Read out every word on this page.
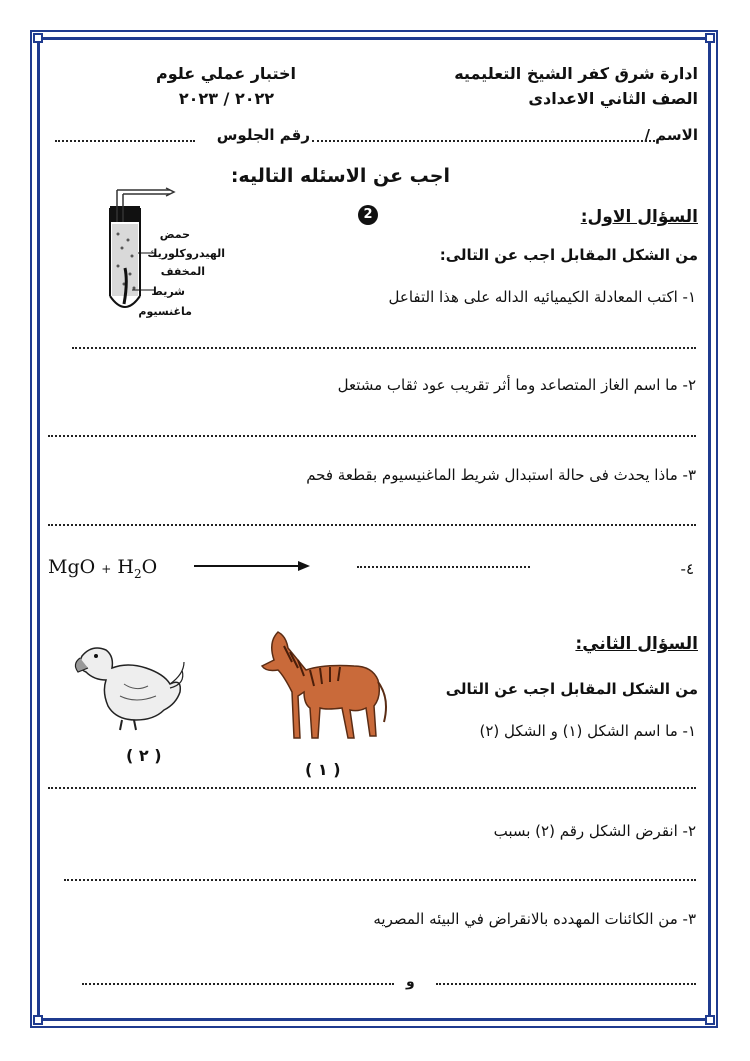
ادارة شرق كفر الشيخ التعليميه
الصف الثاني الاعدادى
اختبار عملي علوم
٢٠٢٢ / ٢٠٢٣
الاسم /
رقم الجلوس
اجب عن الاسئله التاليه:
2
حمض
الهيدروكلوريك
المخفف
شريط
ماغنسيوم
السؤال الاول:
من الشكل المقابل اجب عن التالى:
١- اكتب المعادلة الكيميائيه الداله على هذا التفاعل
٢- ما اسم الغاز المتصاعد وما أثر تقريب عود ثقاب مشتعل
٣- ماذا يحدث فى حالة استبدال شريط الماغنيسيوم بقطعة فحم
٤-
MgO + $H_2O$
السؤال الثاني:
من الشكل المقابل اجب عن التالى
١- ما اسم الشكل (١) و الشكل (٢)
( ١ )
( ٢ )
٢- انقرض الشكل رقم (٢) بسبب
٣- من الكائنات المهدده بالانقراض في البيئه المصريه
و
